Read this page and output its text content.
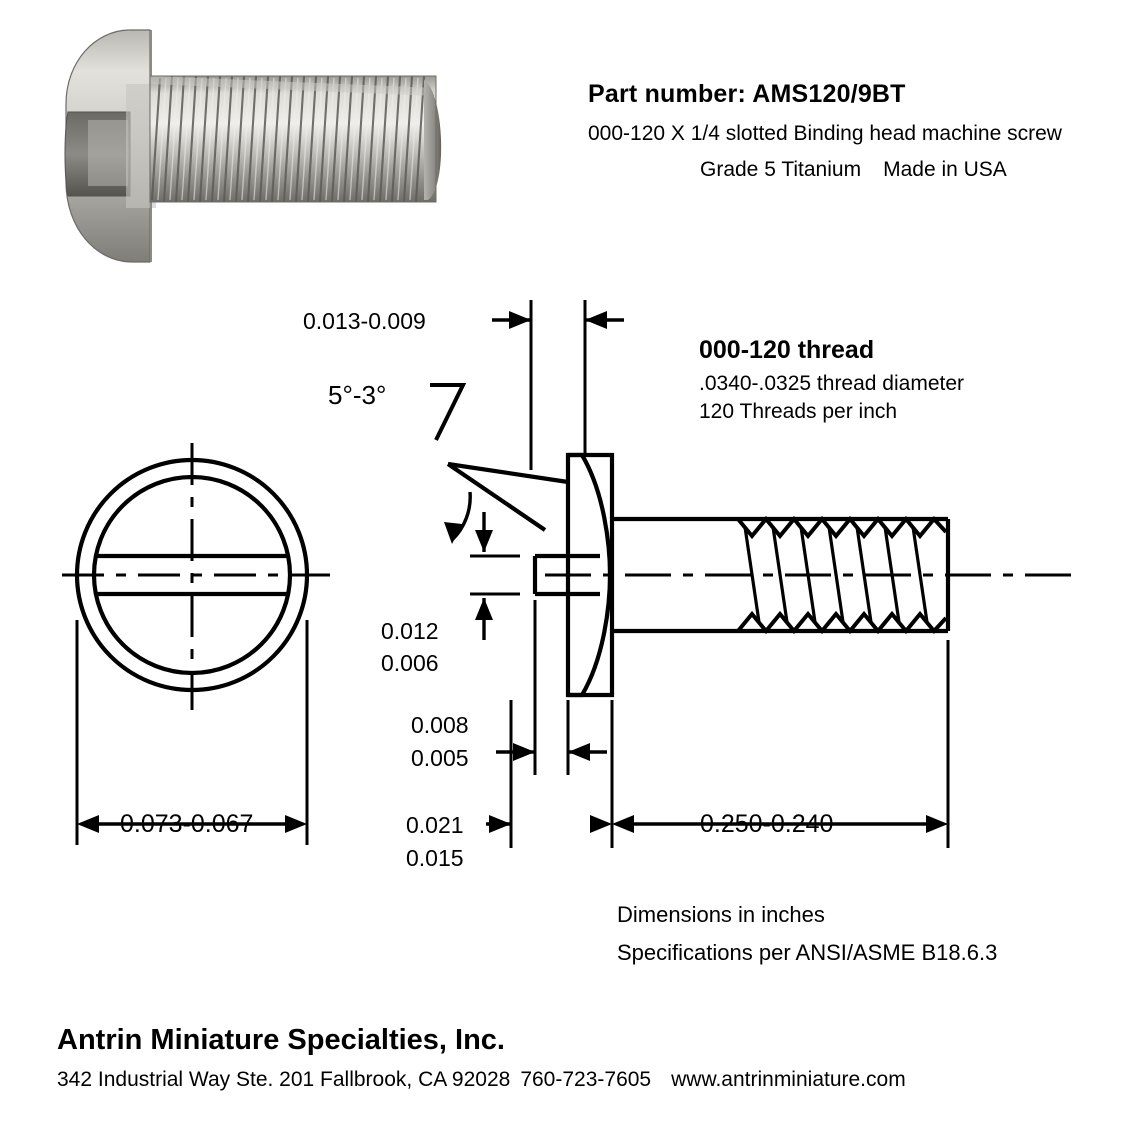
Part number: AMS120/9BT
000-120 X 1/4 slotted Binding head machine screw
Grade 5 Titanium Made in USA
000-120 thread
.0340-.0325 thread diameter
120 Threads per inch
0.013-0.009
5°-3°
0.012
0.006
0.008
0.005
0.021
0.015
0.073-0.067	0.250-0.240
Dimensions in inches
Specifications per ANSI/ASME B18.6.3
Antrin Miniature Specialties, Inc.
342 Industrial Way Ste. 201 Fallbrook, CA 92028 760-723-7605 www.antrinminiature.com
